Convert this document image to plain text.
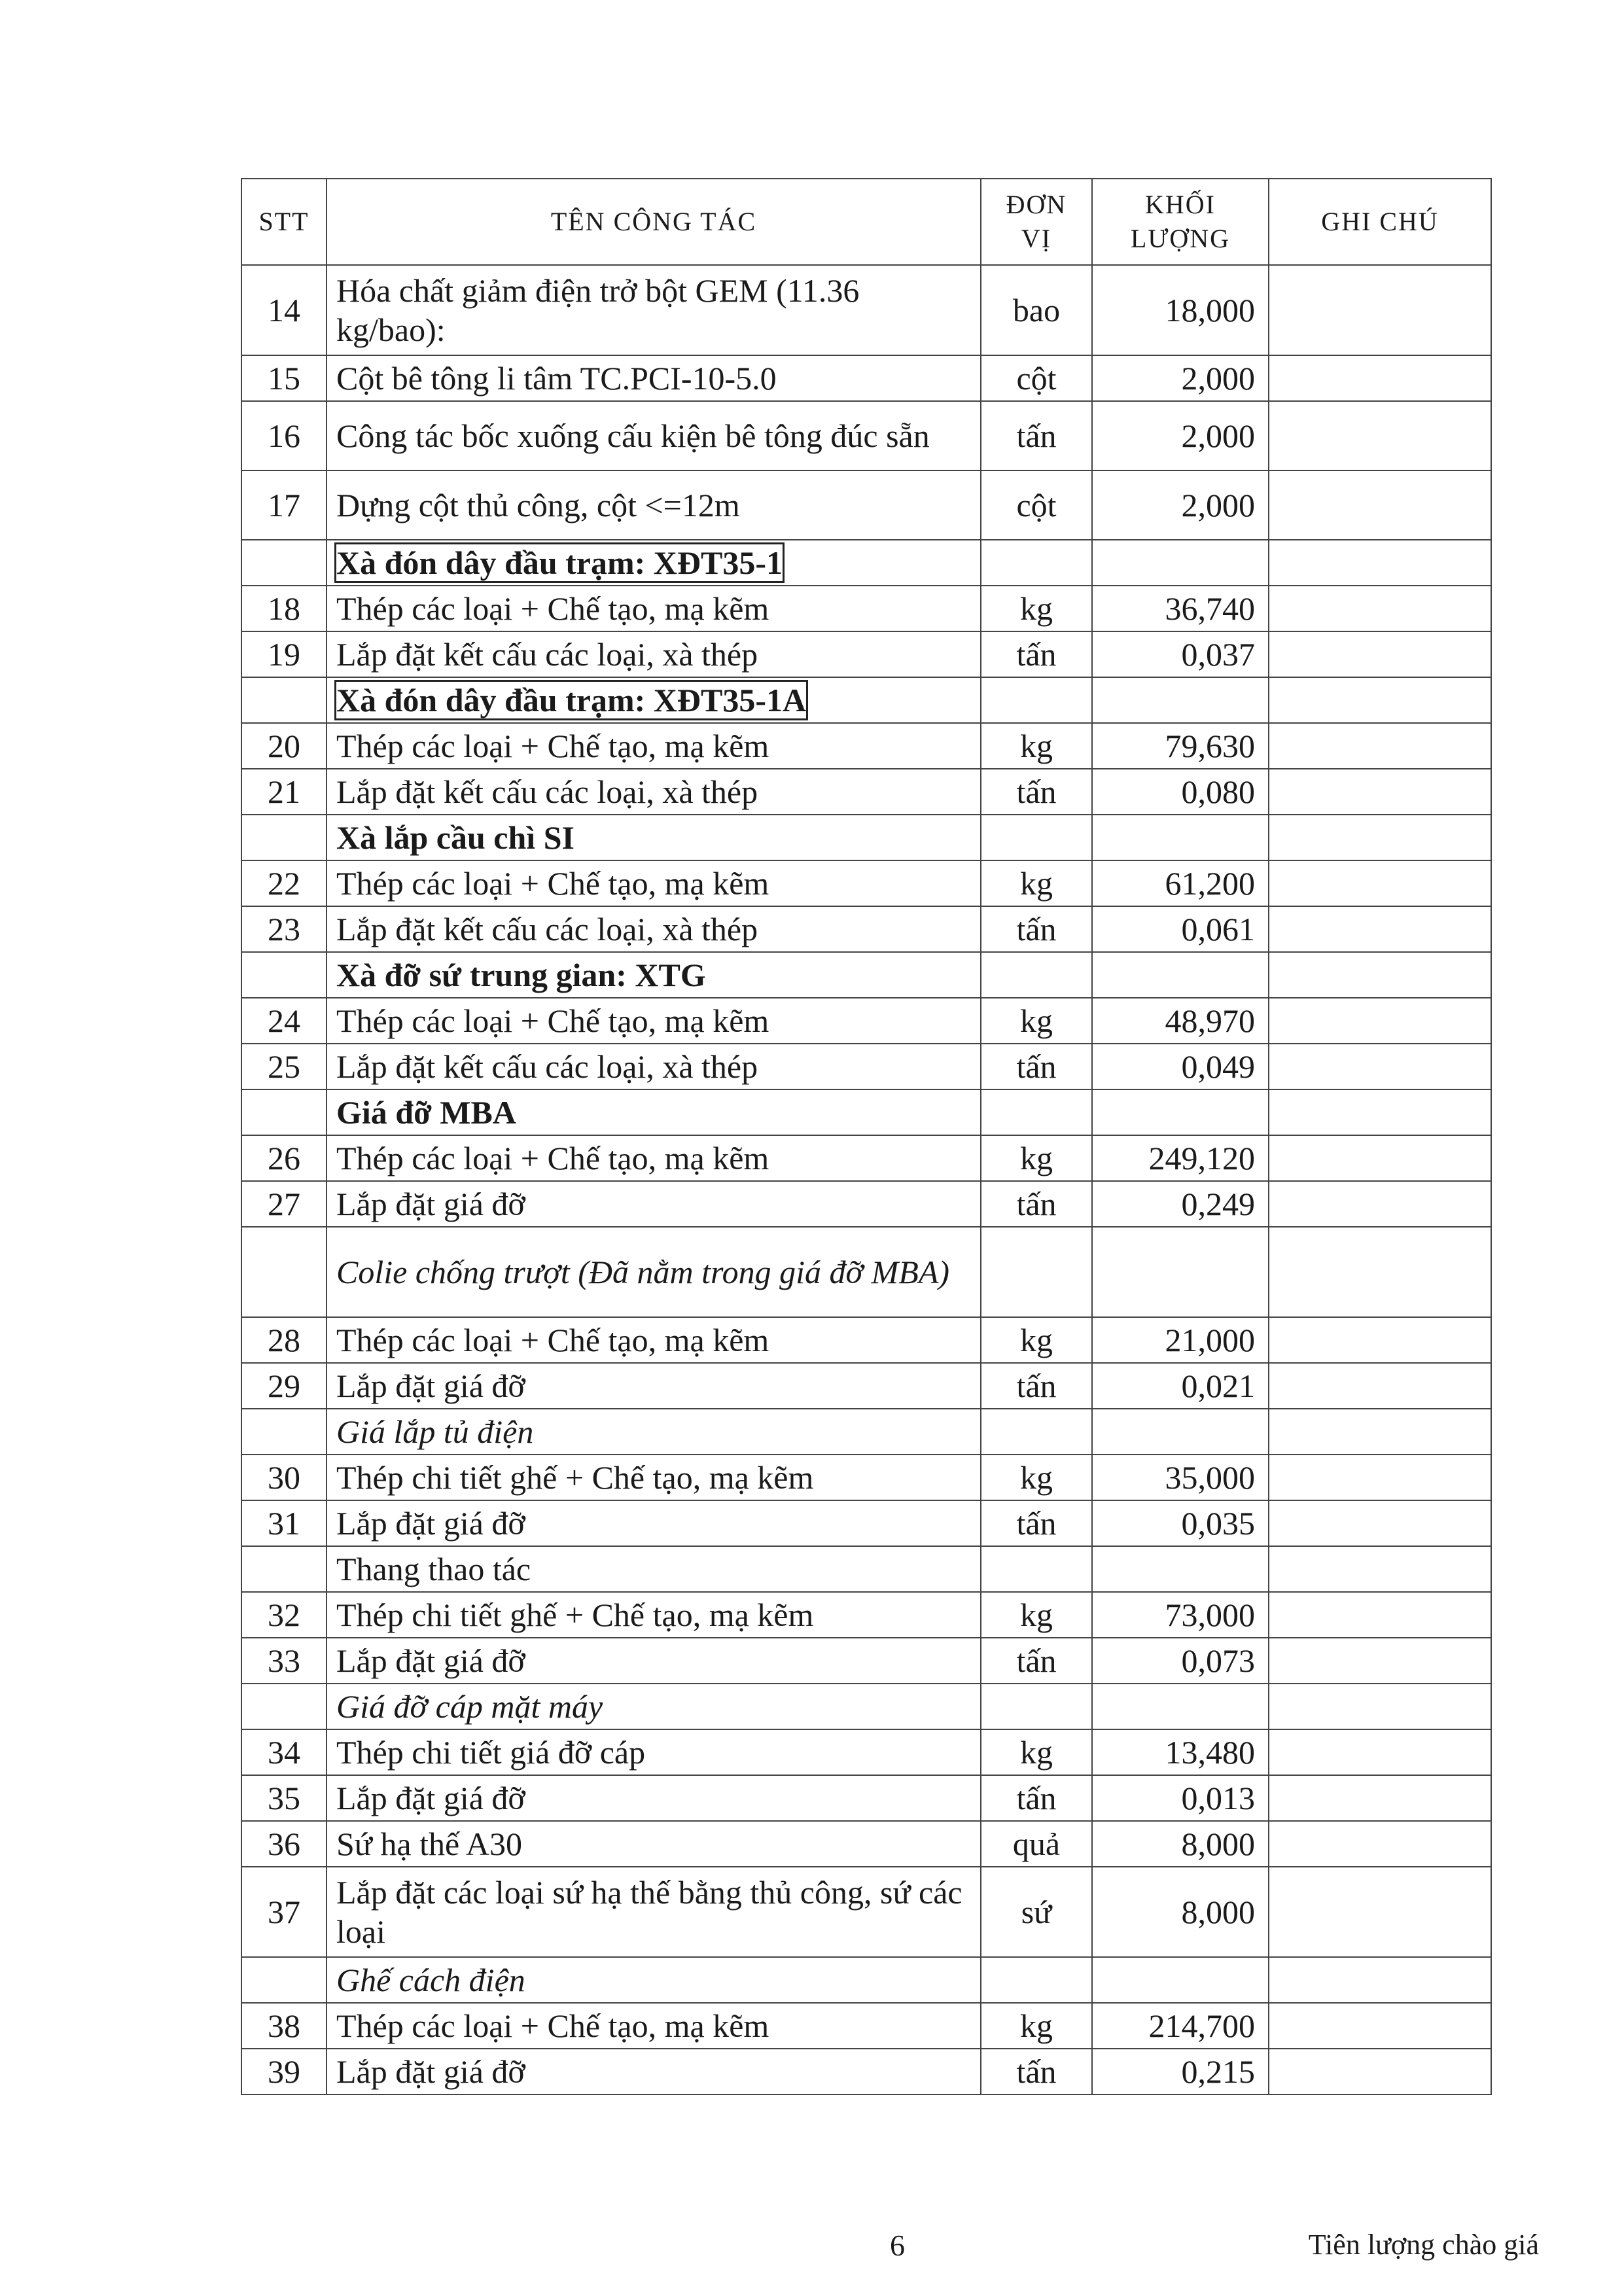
STT	TÊN CÔNG TÁC	ĐƠN VỊ	KHỐI LƯỢNG	GHI CHÚ
14	Hóa chất giảm điện trở bột GEM (11.36 kg/bao):	bao	18,000	
15	Cột bê tông li tâm TC.PCI-10-5.0	cột	2,000	
16	Công tác bốc xuống cấu kiện bê tông đúc sẵn	tấn	2,000	
17	Dựng cột thủ công, cột <=12m	cột	2,000	
	Xà đón dây đầu trạm: XĐT35-1			
18	Thép các loại + Chế tạo, mạ kẽm	kg	36,740	
19	Lắp đặt kết cấu các loại, xà thép	tấn	0,037	
	Xà đón dây đầu trạm: XĐT35-1A			
20	Thép các loại + Chế tạo, mạ kẽm	kg	79,630	
21	Lắp đặt kết cấu các loại, xà thép	tấn	0,080	
	Xà lắp cầu chì SI			
22	Thép các loại + Chế tạo, mạ kẽm	kg	61,200	
23	Lắp đặt kết cấu các loại, xà thép	tấn	0,061	
	Xà đỡ sứ trung gian: XTG			
24	Thép các loại + Chế tạo, mạ kẽm	kg	48,970	
25	Lắp đặt kết cấu các loại, xà thép	tấn	0,049	
	Giá đỡ MBA			
26	Thép các loại + Chế tạo, mạ kẽm	kg	249,120	
27	Lắp đặt giá đỡ	tấn	0,249	
	Colie chống trượt (Đã nằm trong giá đỡ MBA)			
28	Thép các loại + Chế tạo, mạ kẽm	kg	21,000	
29	Lắp đặt giá đỡ	tấn	0,021	
	Giá lắp tủ điện			
30	Thép chi tiết ghế + Chế tạo, mạ kẽm	kg	35,000	
31	Lắp đặt giá đỡ	tấn	0,035	
	Thang thao tác			
32	Thép chi tiết ghế + Chế tạo, mạ kẽm	kg	73,000	
33	Lắp đặt giá đỡ	tấn	0,073	
	Giá đỡ cáp mặt máy			
34	Thép chi tiết giá đỡ cáp	kg	13,480	
35	Lắp đặt giá đỡ	tấn	0,013	
36	Sứ hạ thế A30	quả	8,000	
37	Lắp đặt các loại sứ hạ thế bằng thủ công, sứ các loại	sứ	8,000	
	Ghế cách điện			
38	Thép các loại + Chế tạo, mạ kẽm	kg	214,700	
39	Lắp đặt giá đỡ	tấn	0,215	
6	Tiên lượng chào giá
